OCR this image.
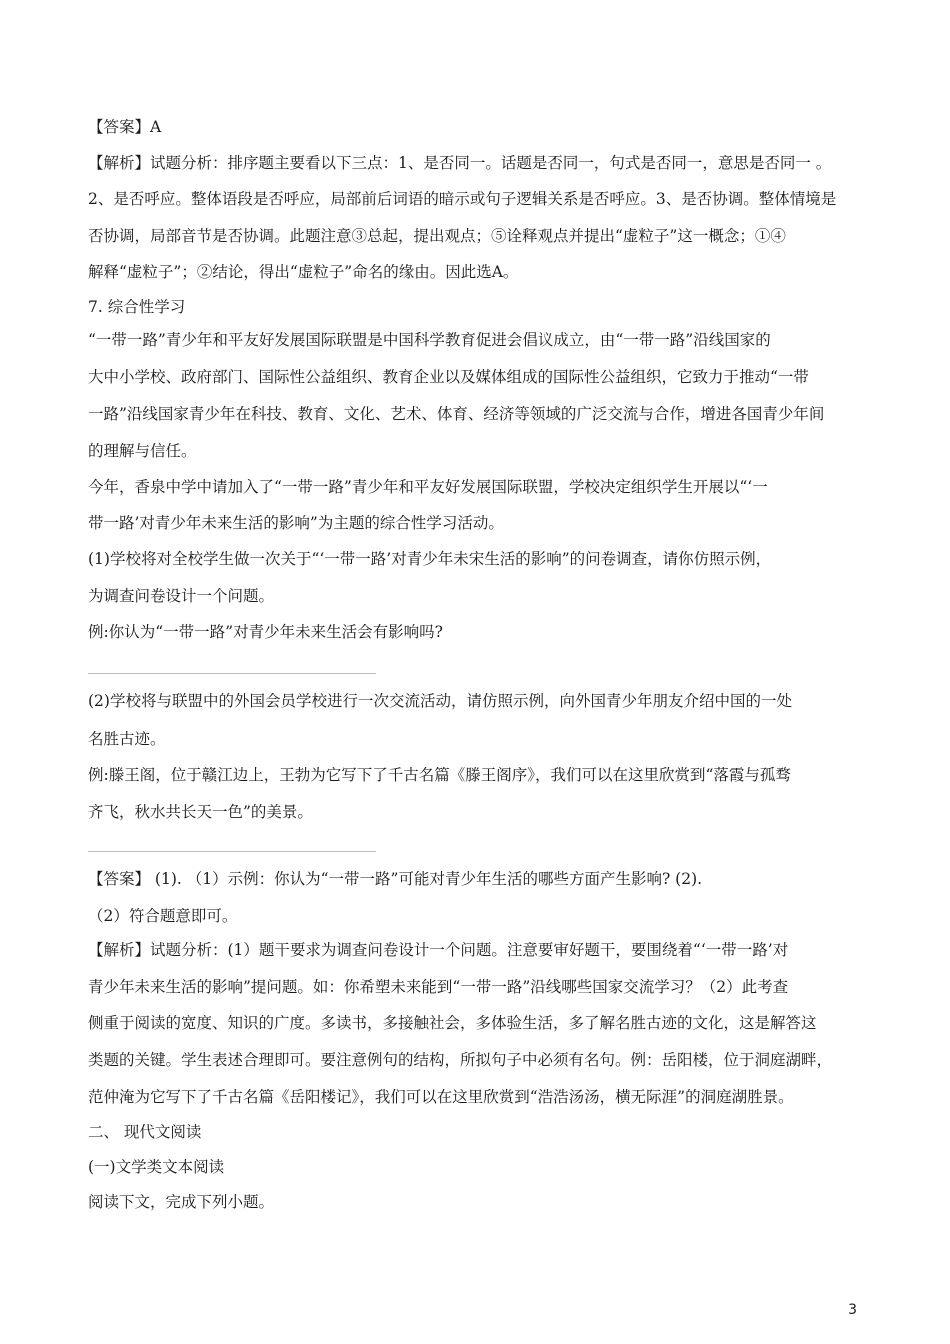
【答案】A
【解析】试题分析：排序题主要看以下三点：1、是否同一。话题是否同一，句式是否同一，意思是否同一 。
2、是否呼应。整体语段是否呼应，局部前后词语的暗示或句子逻辑关系是否呼应。3、是否协调。整体情境是
否协调，局部音节是否协调。此题注意③总起，提出观点；⑤诠释观点并提出“虚粒子”这一概念；①④
解释“虚粒子”；②结论，得出“虚粒子”命名的缘由。因此选A。
7. 综合性学习
“一带一路”青少年和平友好发展国际联盟是中国科学教育促进会倡议成立，由“一带一路”沿线国家的
大中小学校、政府部门、国际性公益组织、教育企业以及媒体组成的国际性公益组织，它致力于推动“一带
一路”沿线国家青少年在科技、教育、文化、艺术、体育、经济等领域的广泛交流与合作，增进各国青少年间
的理解与信任。
今年，香泉中学中请加入了“一带一路”青少年和平友好发展国际联盟，学校决定组织学生开展以“‘一
带一路’对青少年未来生活的影响”为主题的综合性学习活动。
(1)学校将对全校学生做一次关于“‘一带一路’对青少年未宋生活的影响”的问卷调查，请你仿照示例，
为调查问卷设计一个问题。
例:你认为“一带一路”对青少年未来生活会有影响吗?
(2)学校将与联盟中的外国会员学校进行一次交流活动，请仿照示例，向外国青少年朋友介绍中国的一处
名胜古迹。
例:滕王阁，位于赣江边上，王勃为它写下了千古名篇《滕王阁序》，我们可以在这里欣赏到“落霞与孤骛
齐飞，秋水共长天一色”的美景。
【答案】 (1). （1）示例：你认为“一带一路”可能对青少年生活的哪些方面产生影响? (2).
（2）符合题意即可。
【解析】试题分析：(1）题干要求为调查问卷设计一个问题。注意要审好题干，要围绕着“‘一带一路’对
青少年未来生活的影响”提问题。如：你希塑未来能到“一带一路”沿线哪些国家交流学习？（2）此考查
侧重于阅读的宽度、知识的广度。多读书，多接触社会，多体验生活，多了解名胜古迹的文化，这是解答这
类题的关键。学生表述合理即可。要注意例句的结构，所拟句子中必须有名句。例：岳阳楼，位于洞庭湖畔，
范仲淹为它写下了千古名篇《岳阳楼记》，我们可以在这里欣赏到“浩浩汤汤，横无际涯”的洞庭湖胜景。
二、 现代文阅读
(一)文学类文本阅读
阅读下文，完成下列小题。
3
